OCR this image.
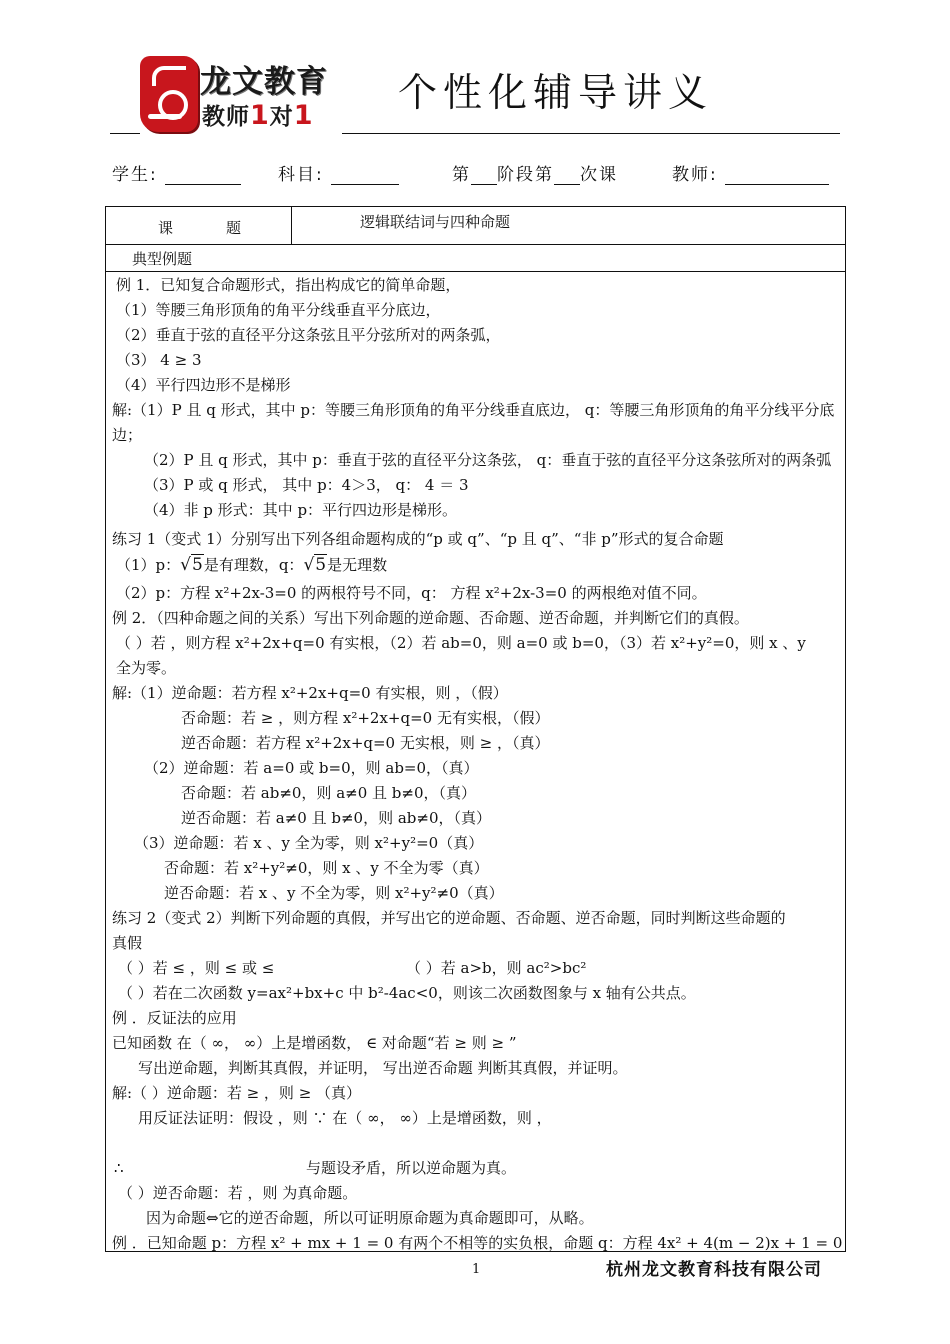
龙文教育
教师1对1 个性化辅导讲义
学生:	科目:	第 阶段第 次课	教师:
课	题	逻辑联结词与四种命题
典型例题
例 1．已知复合命题形式，指出构成它的简单命题，
（1）等腰三角形顶角的角平分线垂直平分底边，
（2）垂直于弦的直径平分这条弦且平分弦所对的两条弧，
（3） 4 ≥ 3
（4）平行四边形不是梯形
解:（1）P 且 q 形式，其中 p：等腰三角形顶角的角平分线垂直底边， q：等腰三角形顶角的角平分线平分底
边；
（2）P 且 q 形式，其中 p：垂直于弦的直径平分这条弦， q：垂直于弦的直径平分这条弦所对的两条弧
（3）P 或 q 形式， 其中 p：4＞3， q： 4 ＝ 3
（4）非 p 形式：其中 p：平行四边形是梯形。
练习 1（变式 1）分别写出下列各组命题构成的“p 或 q”、“p 且 q”、“非 p”形式的复合命题
（1）p：√5是有理数，q：√5是无理数
（2）p：方程 x²+2x-3=0 的两根符号不同，q： 方程 x²+2x-3=0 的两根绝对值不同。
例 2．（四种命题之间的关系）写出下列命题的逆命题、否命题、逆否命题，并判断它们的真假。
（ ）若 ，则方程 x²+2x+q=0 有实根，（2）若 ab=0，则 a=0 或 b=0，（3）若 x²+y²=0，则 x 、y
全为零。
解:（1）逆命题：若方程 x²+2x+q=0 有实根，则 ，（假）
否命题：若 ≥ ，则方程 x²+2x+q=0 无有实根，（假）
逆否命题：若方程 x²+2x+q=0 无实根，则 ≥ ，（真）
（2）逆命题：若 a=0 或 b=0，则 ab=0，（真）
否命题：若 ab≠0，则 a≠0 且 b≠0，（真）
逆否命题：若 a≠0 且 b≠0，则 ab≠0，（真）
（3）逆命题：若 x 、y 全为零，则 x²+y²=0（真）
否命题：若 x²+y²≠0，则 x 、y 不全为零（真）
逆否命题：若 x 、y 不全为零，则 x²+y²≠0（真）
练习 2（变式 2）判断下列命题的真假，并写出它的逆命题、否命题、逆否命题，同时判断这些命题的
真假
（ ）若 ≤ ，则 ≤ 或 ≤	（ ）若 a>b，则 ac²>bc²
（ ）若在二次函数 y=ax²+bx+c 中 b²-4ac<0，则该二次函数图象与 x 轴有公共点。
例 ．反证法的应用
已知函数 在（ ∞， ∞）上是增函数， ∈ 对命题“若 ≥ 则 ≥ ”
写出逆命题，判断其真假，并证明， 写出逆否命题 判断其真假，并证明。
解:（ ）逆命题：若 ≥ ，则 ≥ （真）
用反证法证明：假设 ，则 ∵ 在（ ∞， ∞）上是增函数，则 ，
∴	与题设矛盾，所以逆命题为真。
（ ）逆否命题：若 ，则 为真命题。
因为命题⇔它的逆否命题，所以可证明原命题为真命题即可，从略。
例 ．已知命题 p：方程 x² + mx + 1 = 0 有两个不相等的实负根，命题 q：方程 4x² + 4(m − 2)x + 1 = 0
1	杭州龙文教育科技有限公司
